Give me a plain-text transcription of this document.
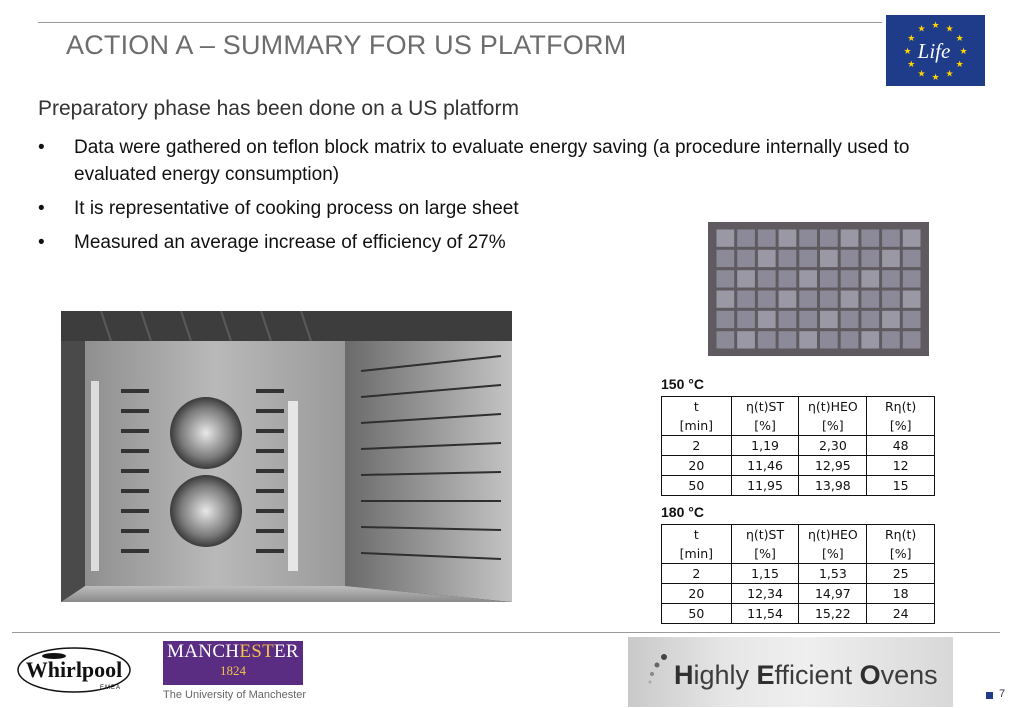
ACTION A – SUMMARY FOR US PLATFORM
★ ★
★
★
★
★
★
★
★
★
★
★
Life
Preparatory phase has been done on a US platform
• Data were gathered on teflon block matrix to evaluate energy saving (a procedure internally used to evaluated energy consumption)
• It is representative of cooking process on large sheet
• Measured an average increase of efficiency of 27%
150 °C
t	η(t)ST	η(t)HEO	Rη(t)
[min]	[%]	[%]	[%]
2	1,19	2,30	48
20	11,46	12,95	12
50	11,95	13,98	15
180 °C
t	η(t)ST	η(t)HEO	Rη(t)
[min]	[%]	[%]	[%]
2	1,15	1,53	25
20	12,34	14,97	18
50	11,54	15,22	24
Whirlpool
EMEA
MANCHESTER
1824
The University of Manchester
Highly Efficient Ovens
7
